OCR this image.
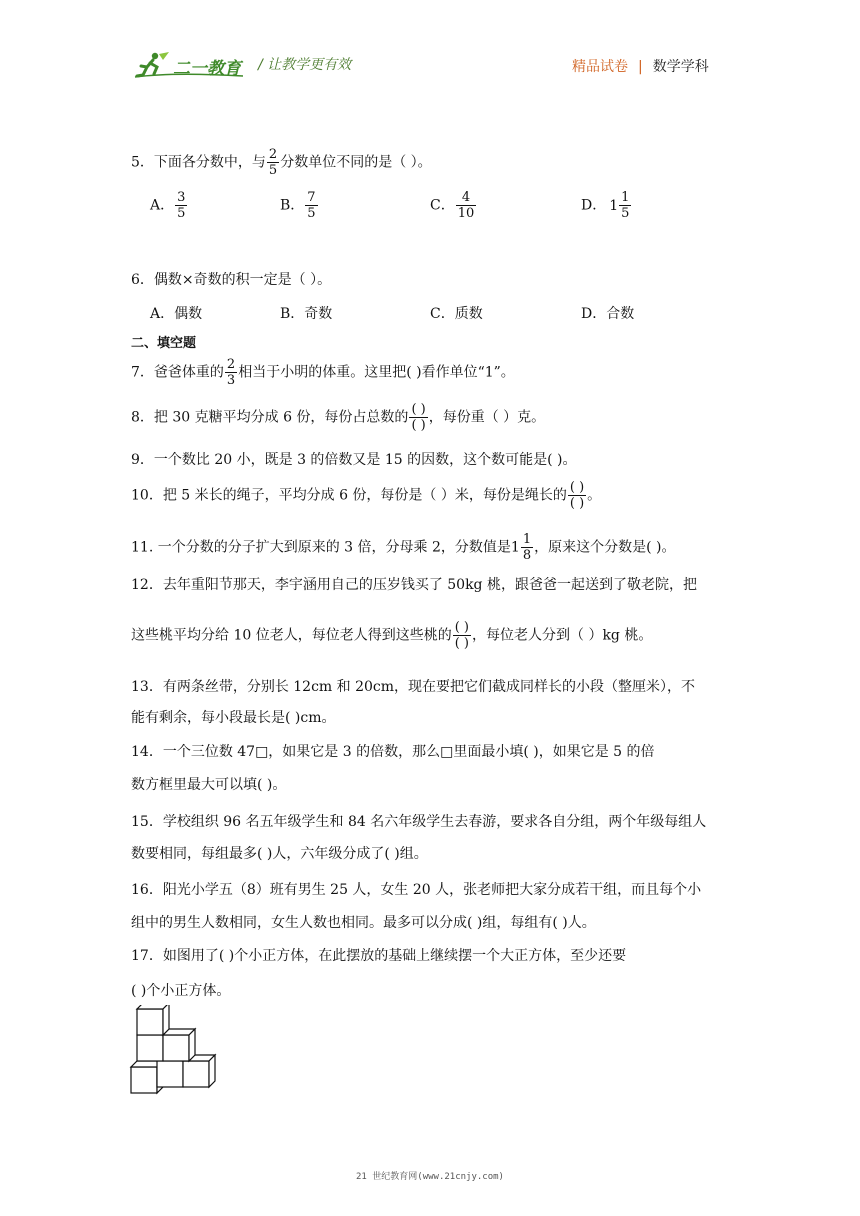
二一教育 / 让教学更有效	精品试卷 | 数学学科
5．下面各分数中，与 $\frac{2}{5}$ 分数单位不同的是（ ）。
A． $\frac{3}{5}$	B． $\frac{7}{5}$	C． $\frac{4}{10}$	D． $1 \frac{1}{5}$
6．偶数×奇数的积一定是（ ）。
A．偶数	B．奇数	C．质数	D．合数
二、填空题
7．爸爸体重的 $\frac{2}{3}$ 相当于小明的体重。这里把( )看作单位“1”。
8．把 30 克糖平均分成 6 份，每份占总数的 $\frac{( )}{( )}$ ，每份重（ ）克。
9．一个数比 20 小，既是 3 的倍数又是 15 的因数，这个数可能是( )。
10．把 5 米长的绳子，平均分成 6 份，每份是（ ）米，每份是绳长的 $\frac{( )}{( )}$ 。
11. 一个分数的分子扩大到原来的 3 倍，分母乘 2，分数值是$1 \frac{1}{8}$ ，原来这个分数是( )。
12．去年重阳节那天，李宇涵用自己的压岁钱买了 50kg 桃，跟爸爸一起送到了敬老院，把
这些桃平均分给 10 位老人，每位老人得到这些桃的 $\frac{( )}{( )}$ ，每位老人分到（ ）kg 桃。
13．有两条丝带，分别长 12cm 和 20cm，现在要把它们截成同样长的小段（整厘米），不
能有剩余，每小段最长是( )cm。
14．一个三位数 47□，如果它是 3 的倍数，那么□里面最小填( )，如果它是 5 的倍
数方框里最大可以填( )。
15．学校组织 96 名五年级学生和 84 名六年级学生去春游，要求各自分组，两个年级每组人
数要相同，每组最多( )人，六年级分成了( )组。
16．阳光小学五（8）班有男生 25 人，女生 20 人，张老师把大家分成若干组，而且每个小
组中的男生人数相同，女生人数也相同。最多可以分成( )组，每组有( )人。
17．如图用了( )个小正方体，在此摆放的基础上继续摆一个大正方体，至少还要
( )个小正方体。
21 世纪教育网(www.21cnjy.com)
